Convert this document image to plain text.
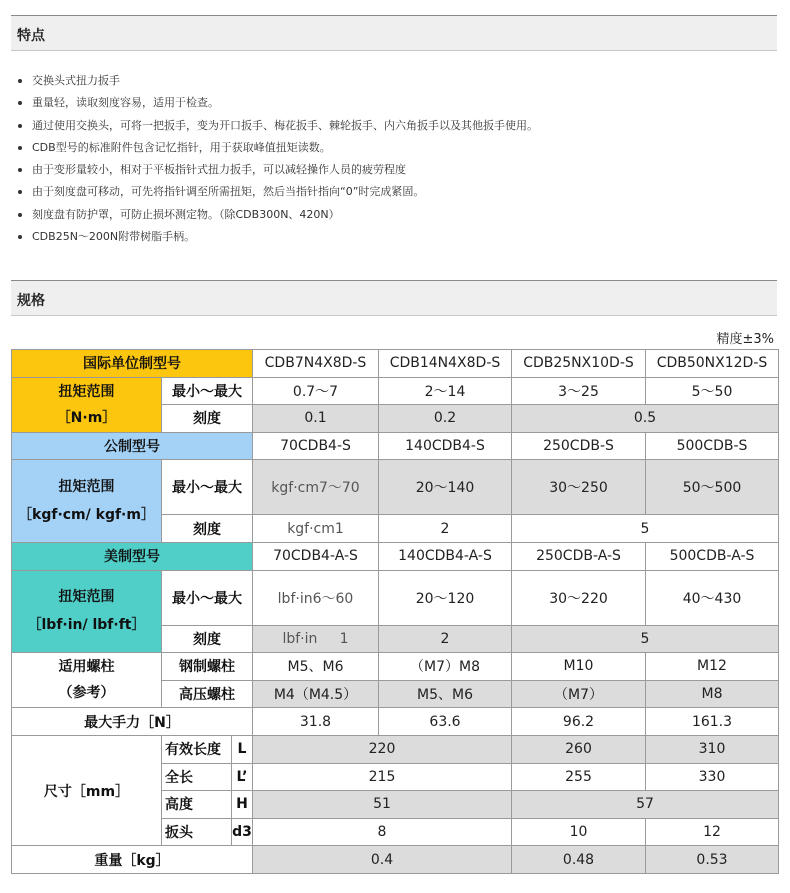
特点
交换头式扭力扳手
重量轻，读取刻度容易，适用于检查。
通过使用交换头，可将一把扳手，变为开口扳手、梅花扳手、棘轮扳手、内六角扳手以及其他扳手使用。
CDB型号的标准附件包含记忆指针，用于获取峰值扭矩读数。
由于变形量较小，相对于平板指针式扭力扳手，可以减轻操作人员的疲劳程度
由于刻度盘可移动，可先将指针调至所需扭矩，然后当指针指向“0”时完成紧固。
刻度盘有防护罩，可防止损坏测定物。（除CDB300N、420N）
CDB25N～200N附带树脂手柄。
规格
精度±3%
国际单位制型号			CDB7N4X8D-S	CDB14N4X8D-S	CDB25NX10D-S	CDB50NX12D-S

扭矩范围
［N·m］	最小～最大		0.7～7	2～14	3～25	5～50
	刻度		0.1	0.2	0.5	
公制型号			70CDB4-S	140CDB4-S	250CDB-S	500CDB-S

扭矩范围
［kgf·cm/ kgf·m］	最小～最大		kgf·cm7～70	20～140	30～250	50～500
	刻度		kgf·cm1	2	5	
美制型号			70CDB4-A-S	140CDB4-A-S	250CDB-A-S	500CDB-A-S

扭矩范围
［lbf·in/ lbf·ft］	最小～最大		lbf·in6～60	20～120	30～220	40～430
	刻度		lbf·in 1	2	5	

适用螺柱
（参考）	钢制螺柱		M5、M6	（M7）M8	M10	M12
	高压螺柱		M4（M4.5）	M5、M6	（M7）	M8
最大手力［N］			31.8	63.6	96.2	161.3
尺寸［mm］	有效长度	L	220		260	310
	全长	L’	215		255	330
	高度	H	51		57	
	扳头	d3	8		10	12
重量［kg］			0.4		0.48	0.53
